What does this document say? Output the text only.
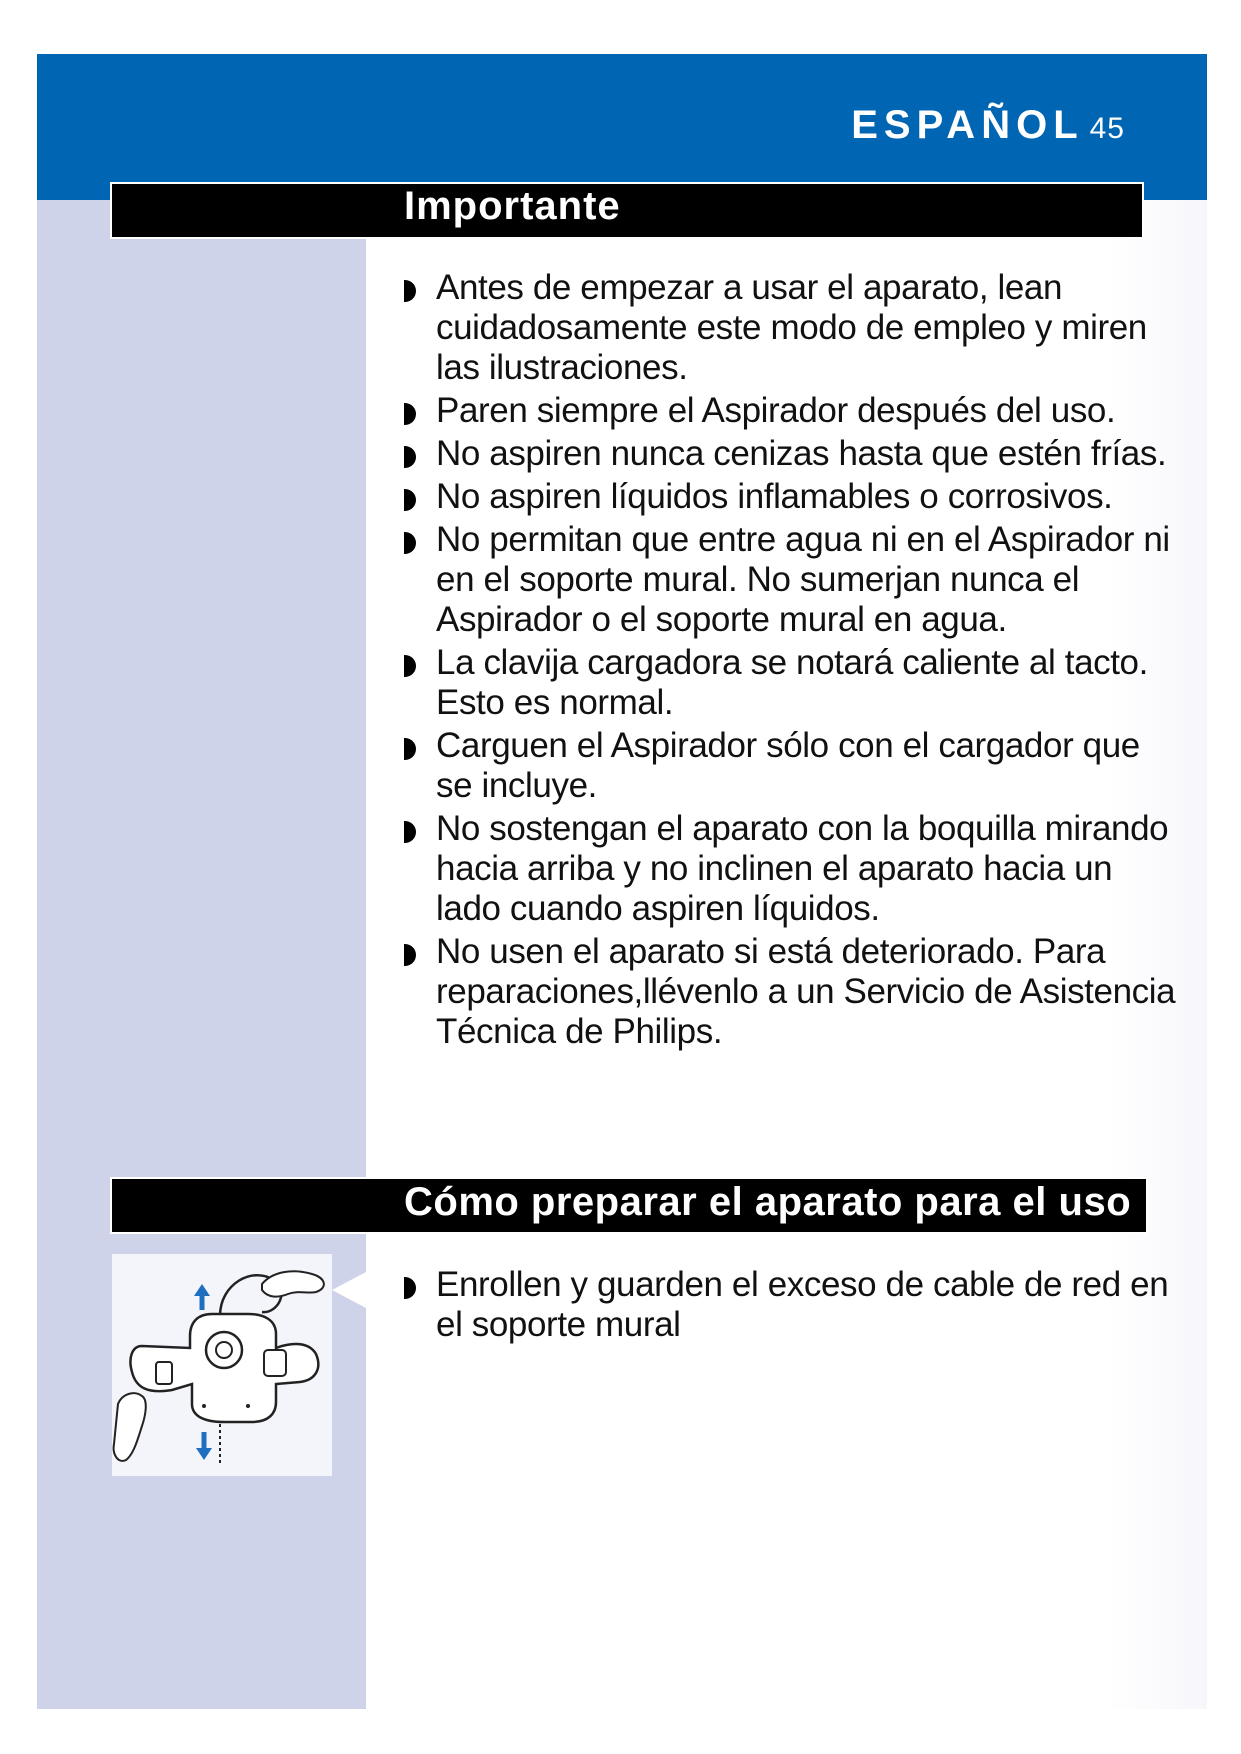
ESPAÑOL 45
Importante
Antes de empezar a usar el aparato, lean cuidadosamente este modo de empleo y miren las ilustraciones.
Paren siempre el Aspirador después del uso.
No aspiren nunca cenizas hasta que estén frías.
No aspiren líquidos inflamables o corrosivos.
No permitan que entre agua ni en el Aspirador ni en el soporte mural. No sumerjan nunca el Aspirador o el soporte mural en agua.
La clavija cargadora se notará caliente al tacto. Esto es normal.
Carguen el Aspirador sólo con el cargador que se incluye.
No sostengan el aparato con la boquilla mirando hacia arriba y no inclinen el aparato hacia un lado cuando aspiren líquidos.
No usen el aparato si está deteriorado. Para reparaciones,llévenlo a un Servicio de Asistencia Técnica de Philips.
Cómo preparar el aparato para el uso
Enrollen y guarden el exceso de cable de red en el soporte mural
